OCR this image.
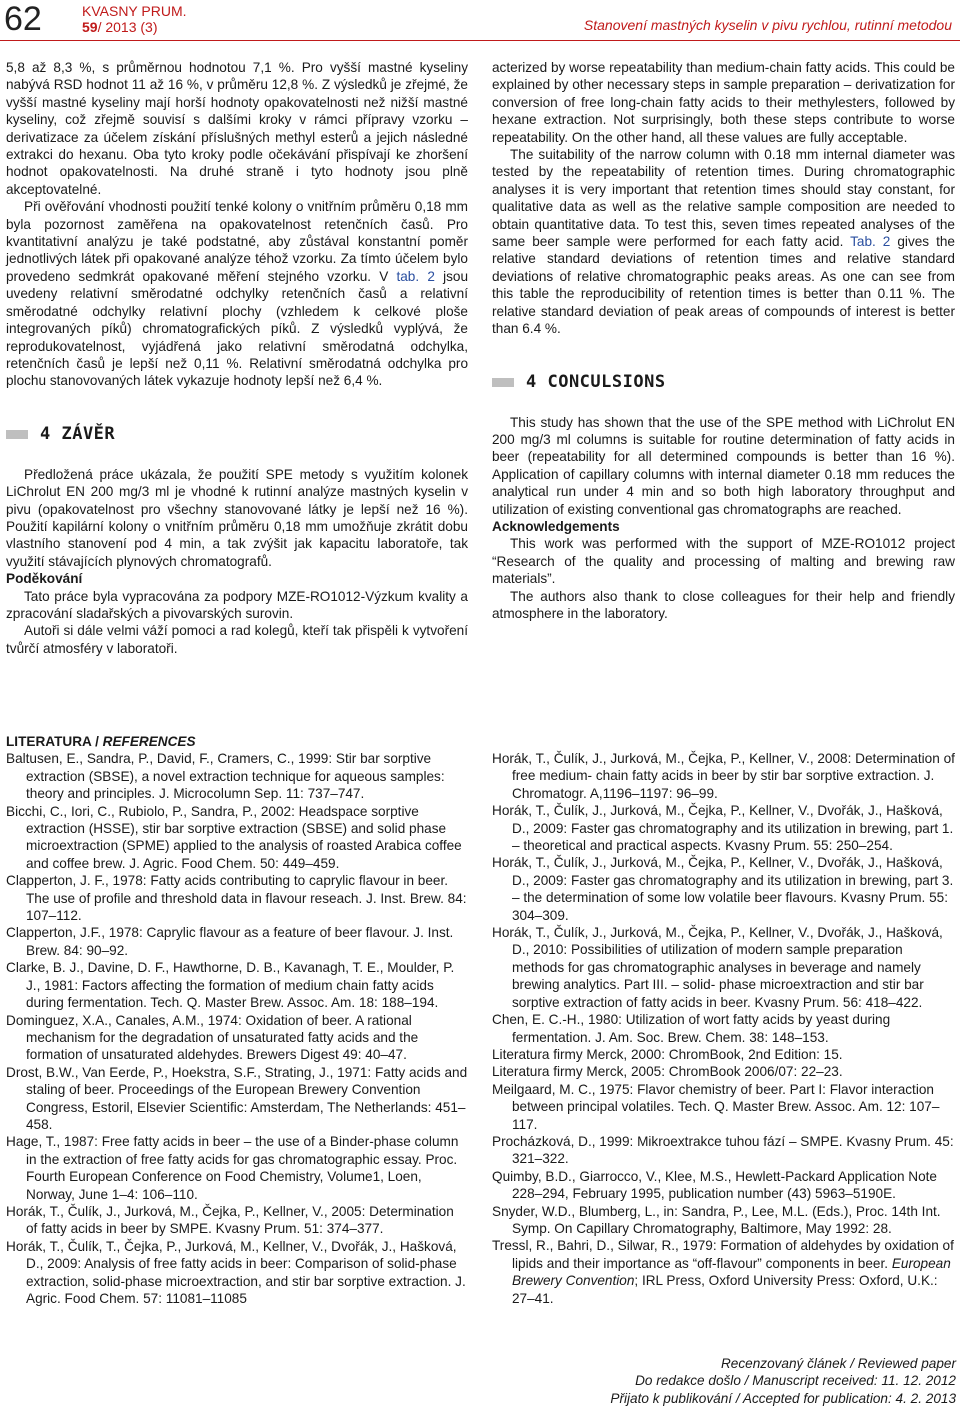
62	KVASNY PRUM.
59/ 2013 (3)	Stanovení mastných kyselin v pivu rychlou, rutinní metodou

5,8 až 8,3 %, s průměrnou hodnotou 7,1 %. Pro vyšší mastné kyseliny nabývá RSD hodnot 11 až 16 %, v průměru 12,8 %. Z výsledků je zřejmé, že vyšší mastné kyseliny mají horší hodnoty opakovatelnosti než nižší mastné kyseliny, což zřejmě souvisí s dalšími kroky v rámci přípravy vzorku – derivatizace za účelem získání příslušných methyl esterů a jejich následné extrakci do hexanu. Oba tyto kroky podle očekávání přispívají ke zhoršení hodnot opakovatelnosti. Na druhé straně i tyto hodnoty jsou plně akceptovatelné.

Při ověřování vhodnosti použití tenké kolony o vnitřním průměru 0,18 mm byla pozornost zaměřena na opakovatelnost retenčních časů. Pro kvantitativní analýzu je také podstatné, aby zůstával konstantní poměr jednotlivých látek při opakované analýze téhož vzorku. Za tímto účelem bylo provedeno sedmkrát opakované měření stejného vzorku. V tab. 2 jsou uvedeny relativní směrodatné odchylky retenčních časů a relativní směrodatné odchylky relativní plochy (vzhledem k celkové ploše integrovaných píků) chromatografických píků. Z výsledků vyplývá, že reprodukovatelnost, vyjádřená jako relativní směrodatná odchylka, retenčních časů je lepší než 0,11 %. Relativní směrodatná odchylka pro plochu stanovovaných látek vykazuje hodnoty lepší než 6,4 %.

4 ZÁVĚR

Předložená práce ukázala, že použití SPE metody s využitím kolonek LiChrolut EN 200 mg/3 ml je vhodné k rutinní analýze mastných kyselin v pivu (opakovatelnost pro všechny stanovované látky je lepší než 16 %). Použití kapilární kolony o vnitřním průměru 0,18 mm umožňuje zkrátit dobu vlastního stanovení pod 4 min, a tak zvýšit jak kapacitu laboratoře, tak využití stávajících plynových chromatografů.

Poděkování

Tato práce byla vypracována za podpory MZE-RO1012-Výzkum kvality a zpracování sladařských a pivovarských surovin.

Autoři si dále velmi váží pomoci a rad kolegů, kteří tak přispěli k vytvoření tvůrčí atmosféry v laboratoři.

acterized by worse repeatability than medium-chain fatty acids. This could be explained by other necessary steps in sample preparation – derivatization for conversion of free long-chain fatty acids to their methylesters, followed by hexane extraction. Not surprisingly, both these steps contribute to worse repeatability. On the other hand, all these values are fully acceptable.

The suitability of the narrow column with 0.18 mm internal diameter was tested by the repeatability of retention times. During chromatographic analyses it is very important that retention times should stay constant, for qualitative data as well as the relative sample composition are needed to obtain quantitative data. To test this, seven times repeated analyses of the same beer sample were performed for each fatty acid. Tab. 2 gives the relative standard deviations of retention times and relative standard deviations of relative chromatographic peaks areas. As one can see from this table the reproducibility of retention times is better than 0.11 %. The relative standard deviation of peak areas of compounds of interest is better than 6.4 %.

4 CONCULSIONS

This study has shown that the use of the SPE method with LiChrolut EN 200 mg/3 ml columns is suitable for routine determination of fatty acids in beer (repeatability for all determined compounds is better than 16 %). Application of capillary columns with internal diameter 0.18 mm reduces the analytical run under 4 min and so both high laboratory throughput and utilization of existing conventional gas chromatographs are reached.

Acknowledgements

This work was performed with the support of MZE-RO1012 project “Research of the quality and processing of malting and brewing raw materials”.

The authors also thank to close colleagues for their help and friendly atmosphere in the laboratory.

LITERATURA / REFERENCES

Baltusen, E., Sandra, P., David, F., Cramers, C., 1999: Stir bar sorptive extraction (SBSE), a novel extraction technique for aqueous samples: theory and principles. J. Microcolumn Sep. 11: 737–747.

Bicchi, C., Iori, C., Rubiolo, P., Sandra, P., 2002: Headspace sorptive extraction (HSSE), stir bar sorptive extraction (SBSE) and solid phase microextraction (SPME) applied to the analysis of roasted Arabica coffee and coffee brew. J. Agric. Food Chem. 50: 449–459.

Clapperton, J. F., 1978: Fatty acids contributing to caprylic flavour in beer. The use of profile and threshold data in flavour reseach. J. Inst. Brew. 84: 107–112.

Clapperton, J.F., 1978: Caprylic flavour as a feature of beer flavour. J. Inst. Brew. 84: 90–92.

Clarke, B. J., Davine, D. F., Hawthorne, D. B., Kavanagh, T. E., Moulder, P. J., 1981: Factors affecting the formation of medium chain fatty acids during fermentation. Tech. Q. Master Brew. Assoc. Am. 18: 188–194.

Dominguez, X.A., Canales, A.M., 1974: Oxidation of beer. A rational mechanism for the degradation of unsaturated fatty acids and the formation of unsaturated aldehydes. Brewers Digest 49: 40–47.

Drost, B.W., Van Eerde, P., Hoekstra, S.F., Strating, J., 1971: Fatty acids and staling of beer. Proceedings of the European Brewery Convention Congress, Estoril, Elsevier Scientific: Amsterdam, The Netherlands: 451–458.

Hage, T., 1987: Free fatty acids in beer – the use of a Binder-phase column in the extraction of free fatty acids for gas chromatographic essay. Proc. Fourth European Conference on Food Chemistry, Volume1, Loen, Norway, June 1–4: 106–110.

Horák, T., Čulík, J., Jurková, M., Čejka, P., Kellner, V., 2005: Determination of fatty acids in beer by SMPE. Kvasny Prum. 51: 374–377.

Horák, T., Čulík, T., Čejka, P., Jurková, M., Kellner, V., Dvořák, J., Hašková, D., 2009: Analysis of free fatty acids in beer: Comparison of solid-phase extraction, solid-phase microextraction, and stir bar sorptive extraction. J. Agric. Food Chem. 57: 11081–11085

Horák, T., Čulík, J., Jurková, M., Čejka, P., Kellner, V., 2008: Determination of free medium- chain fatty acids in beer by stir bar sorptive extraction. J. Chromatogr. A,1196–1197: 96–99.

Horák, T., Čulík, J., Jurková, M., Čejka, P., Kellner, V., Dvořák, J., Hašková, D., 2009: Faster gas chromatography and its utilization in brewing, part 1. – theoretical and practical aspects. Kvasny Prum. 55: 250–254.

Horák, T., Čulík, J., Jurková, M., Čejka, P., Kellner, V., Dvořák, J., Hašková, D., 2009: Faster gas chromatography and its utilization in brewing, part 3. – the determination of some low volatile beer flavours. Kvasny Prum. 55: 304–309.

Horák, T., Čulík, J., Jurková, M., Čejka, P., Kellner, V., Dvořák, J., Hašková, D., 2010: Possibilities of utilization of modern sample preparation methods for gas chromatographic analyses in beverage and namely brewing analytics. Part III. – solid- phase microextraction and stir bar sorptive extraction of fatty acids in beer. Kvasny Prum. 56: 418–422.

Chen, E. C.-H., 1980: Utilization of wort fatty acids by yeast during fermentation. J. Am. Soc. Brew. Chem. 38: 148–153.

Literatura firmy Merck, 2000: ChromBook, 2nd Edition: 15.

Literatura firmy Merck, 2005: ChromBook 2006/07: 22–23.

Meilgaard, M. C., 1975: Flavor chemistry of beer. Part I: Flavor interaction between principal volatiles. Tech. Q. Master Brew. Assoc. Am. 12: 107–117.

Procházková, D., 1999: Mikroextrakce tuhou fází – SMPE. Kvasny Prum. 45: 321–322.

Quimby, B.D., Giarrocco, V., Klee, M.S., Hewlett-Packard Application Note 228–294, February 1995, publication number (43) 5963–5190E.

Snyder, W.D., Blumberg, L., in: Sandra, P., Lee, M.L. (Eds.), Proc. 14th Int. Symp. On Capillary Chromatography, Baltimore, May 1992: 28.

Tressl, R., Bahri, D., Silwar, R., 1979: Formation of aldehydes by oxidation of lipids and their importance as “off-flavour” components in beer. European Brewery Convention; IRL Press, Oxford University Press: Oxford, U.K.: 27–41.

Recenzovaný článek / Reviewed paper
Do redakce došlo / Manuscript received: 11. 12. 2012
Přijato k publikování / Accepted for publication: 4. 2. 2013
